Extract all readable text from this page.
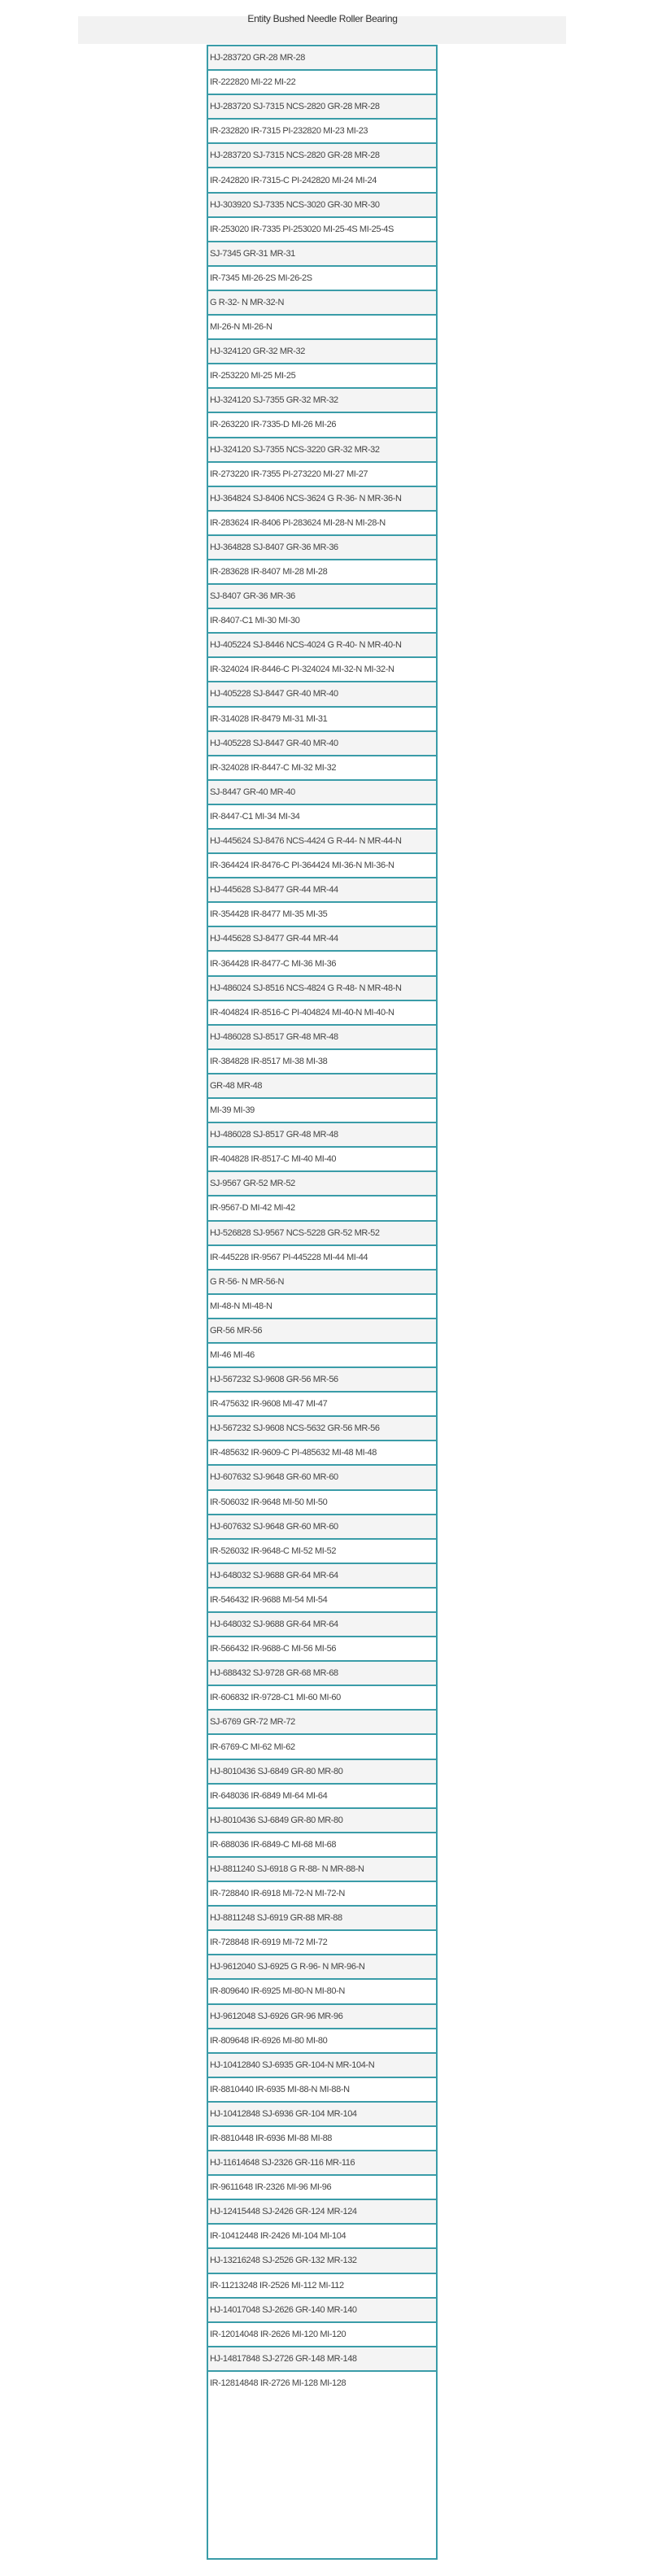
Entity Bushed Needle Roller Bearing
HJ-283720 GR-28 MR-28
IR-222820 MI-22 MI-22
HJ-283720 SJ-7315 NCS-2820 GR-28 MR-28
IR-232820 IR-7315 PI-232820 MI-23 MI-23
HJ-283720 SJ-7315 NCS-2820 GR-28 MR-28
IR-242820 IR-7315-C PI-242820 MI-24 MI-24
HJ-303920 SJ-7335 NCS-3020 GR-30 MR-30
IR-253020 IR-7335 PI-253020 MI-25-4S MI-25-4S
SJ-7345 GR-31 MR-31
IR-7345 MI-26-2S MI-26-2S
G R-32- N MR-32-N
MI-26-N MI-26-N
HJ-324120 GR-32 MR-32
IR-253220 MI-25 MI-25
HJ-324120 SJ-7355 GR-32 MR-32
IR-263220 IR-7335-D MI-26 MI-26
HJ-324120 SJ-7355 NCS-3220 GR-32 MR-32
IR-273220 IR-7355 PI-273220 MI-27 MI-27
HJ-364824 SJ-8406 NCS-3624 G R-36- N MR-36-N
IR-283624 IR-8406 PI-283624 MI-28-N MI-28-N
HJ-364828 SJ-8407 GR-36 MR-36
IR-283628 IR-8407 MI-28 MI-28
SJ-8407 GR-36 MR-36
IR-8407-C1 MI-30 MI-30
HJ-405224 SJ-8446 NCS-4024 G R-40- N MR-40-N
IR-324024 IR-8446-C PI-324024 MI-32-N MI-32-N
HJ-405228 SJ-8447 GR-40 MR-40
IR-314028 IR-8479 MI-31 MI-31
HJ-405228 SJ-8447 GR-40 MR-40
IR-324028 IR-8447-C MI-32 MI-32
SJ-8447 GR-40 MR-40
IR-8447-C1 MI-34 MI-34
HJ-445624 SJ-8476 NCS-4424 G R-44- N MR-44-N
IR-364424 IR-8476-C PI-364424 MI-36-N MI-36-N
HJ-445628 SJ-8477 GR-44 MR-44
IR-354428 IR-8477 MI-35 MI-35
HJ-445628 SJ-8477 GR-44 MR-44
IR-364428 IR-8477-C MI-36 MI-36
HJ-486024 SJ-8516 NCS-4824 G R-48- N MR-48-N
IR-404824 IR-8516-C PI-404824 MI-40-N MI-40-N
HJ-486028 SJ-8517 GR-48 MR-48
IR-384828 IR-8517 MI-38 MI-38
GR-48 MR-48
MI-39 MI-39
HJ-486028 SJ-8517 GR-48 MR-48
IR-404828 IR-8517-C MI-40 MI-40
SJ-9567 GR-52 MR-52
IR-9567-D MI-42 MI-42
HJ-526828 SJ-9567 NCS-5228 GR-52 MR-52
IR-445228 IR-9567 PI-445228 MI-44 MI-44
G R-56- N MR-56-N
MI-48-N MI-48-N
GR-56 MR-56
MI-46 MI-46
HJ-567232 SJ-9608 GR-56 MR-56
IR-475632 IR-9608 MI-47 MI-47
HJ-567232 SJ-9608 NCS-5632 GR-56 MR-56
IR-485632 IR-9609-C PI-485632 MI-48 MI-48
HJ-607632 SJ-9648 GR-60 MR-60
IR-506032 IR-9648 MI-50 MI-50
HJ-607632 SJ-9648 GR-60 MR-60
IR-526032 IR-9648-C MI-52 MI-52
HJ-648032 SJ-9688 GR-64 MR-64
IR-546432 IR-9688 MI-54 MI-54
HJ-648032 SJ-9688 GR-64 MR-64
IR-566432 IR-9688-C MI-56 MI-56
HJ-688432 SJ-9728 GR-68 MR-68
IR-606832 IR-9728-C1 MI-60 MI-60
SJ-6769 GR-72 MR-72
IR-6769-C MI-62 MI-62
HJ-8010436 SJ-6849 GR-80 MR-80
IR-648036 IR-6849 MI-64 MI-64
HJ-8010436 SJ-6849 GR-80 MR-80
IR-688036 IR-6849-C MI-68 MI-68
HJ-8811240 SJ-6918 G R-88- N MR-88-N
IR-728840 IR-6918 MI-72-N MI-72-N
HJ-8811248 SJ-6919 GR-88 MR-88
IR-728848 IR-6919 MI-72 MI-72
HJ-9612040 SJ-6925 G R-96- N MR-96-N
IR-809640 IR-6925 MI-80-N MI-80-N
HJ-9612048 SJ-6926 GR-96 MR-96
IR-809648 IR-6926 MI-80 MI-80
HJ-10412840 SJ-6935 GR-104-N MR-104-N
IR-8810440 IR-6935 MI-88-N MI-88-N
HJ-10412848 SJ-6936 GR-104 MR-104
IR-8810448 IR-6936 MI-88 MI-88
HJ-11614648 SJ-2326 GR-116 MR-116
IR-9611648 IR-2326 MI-96 MI-96
HJ-12415448 SJ-2426 GR-124 MR-124
IR-10412448 IR-2426 MI-104 MI-104
HJ-13216248 SJ-2526 GR-132 MR-132
IR-11213248 IR-2526 MI-112 MI-112
HJ-14017048 SJ-2626 GR-140 MR-140
IR-12014048 IR-2626 MI-120 MI-120
HJ-14817848 SJ-2726 GR-148 MR-148
IR-12814848 IR-2726 MI-128 MI-128
